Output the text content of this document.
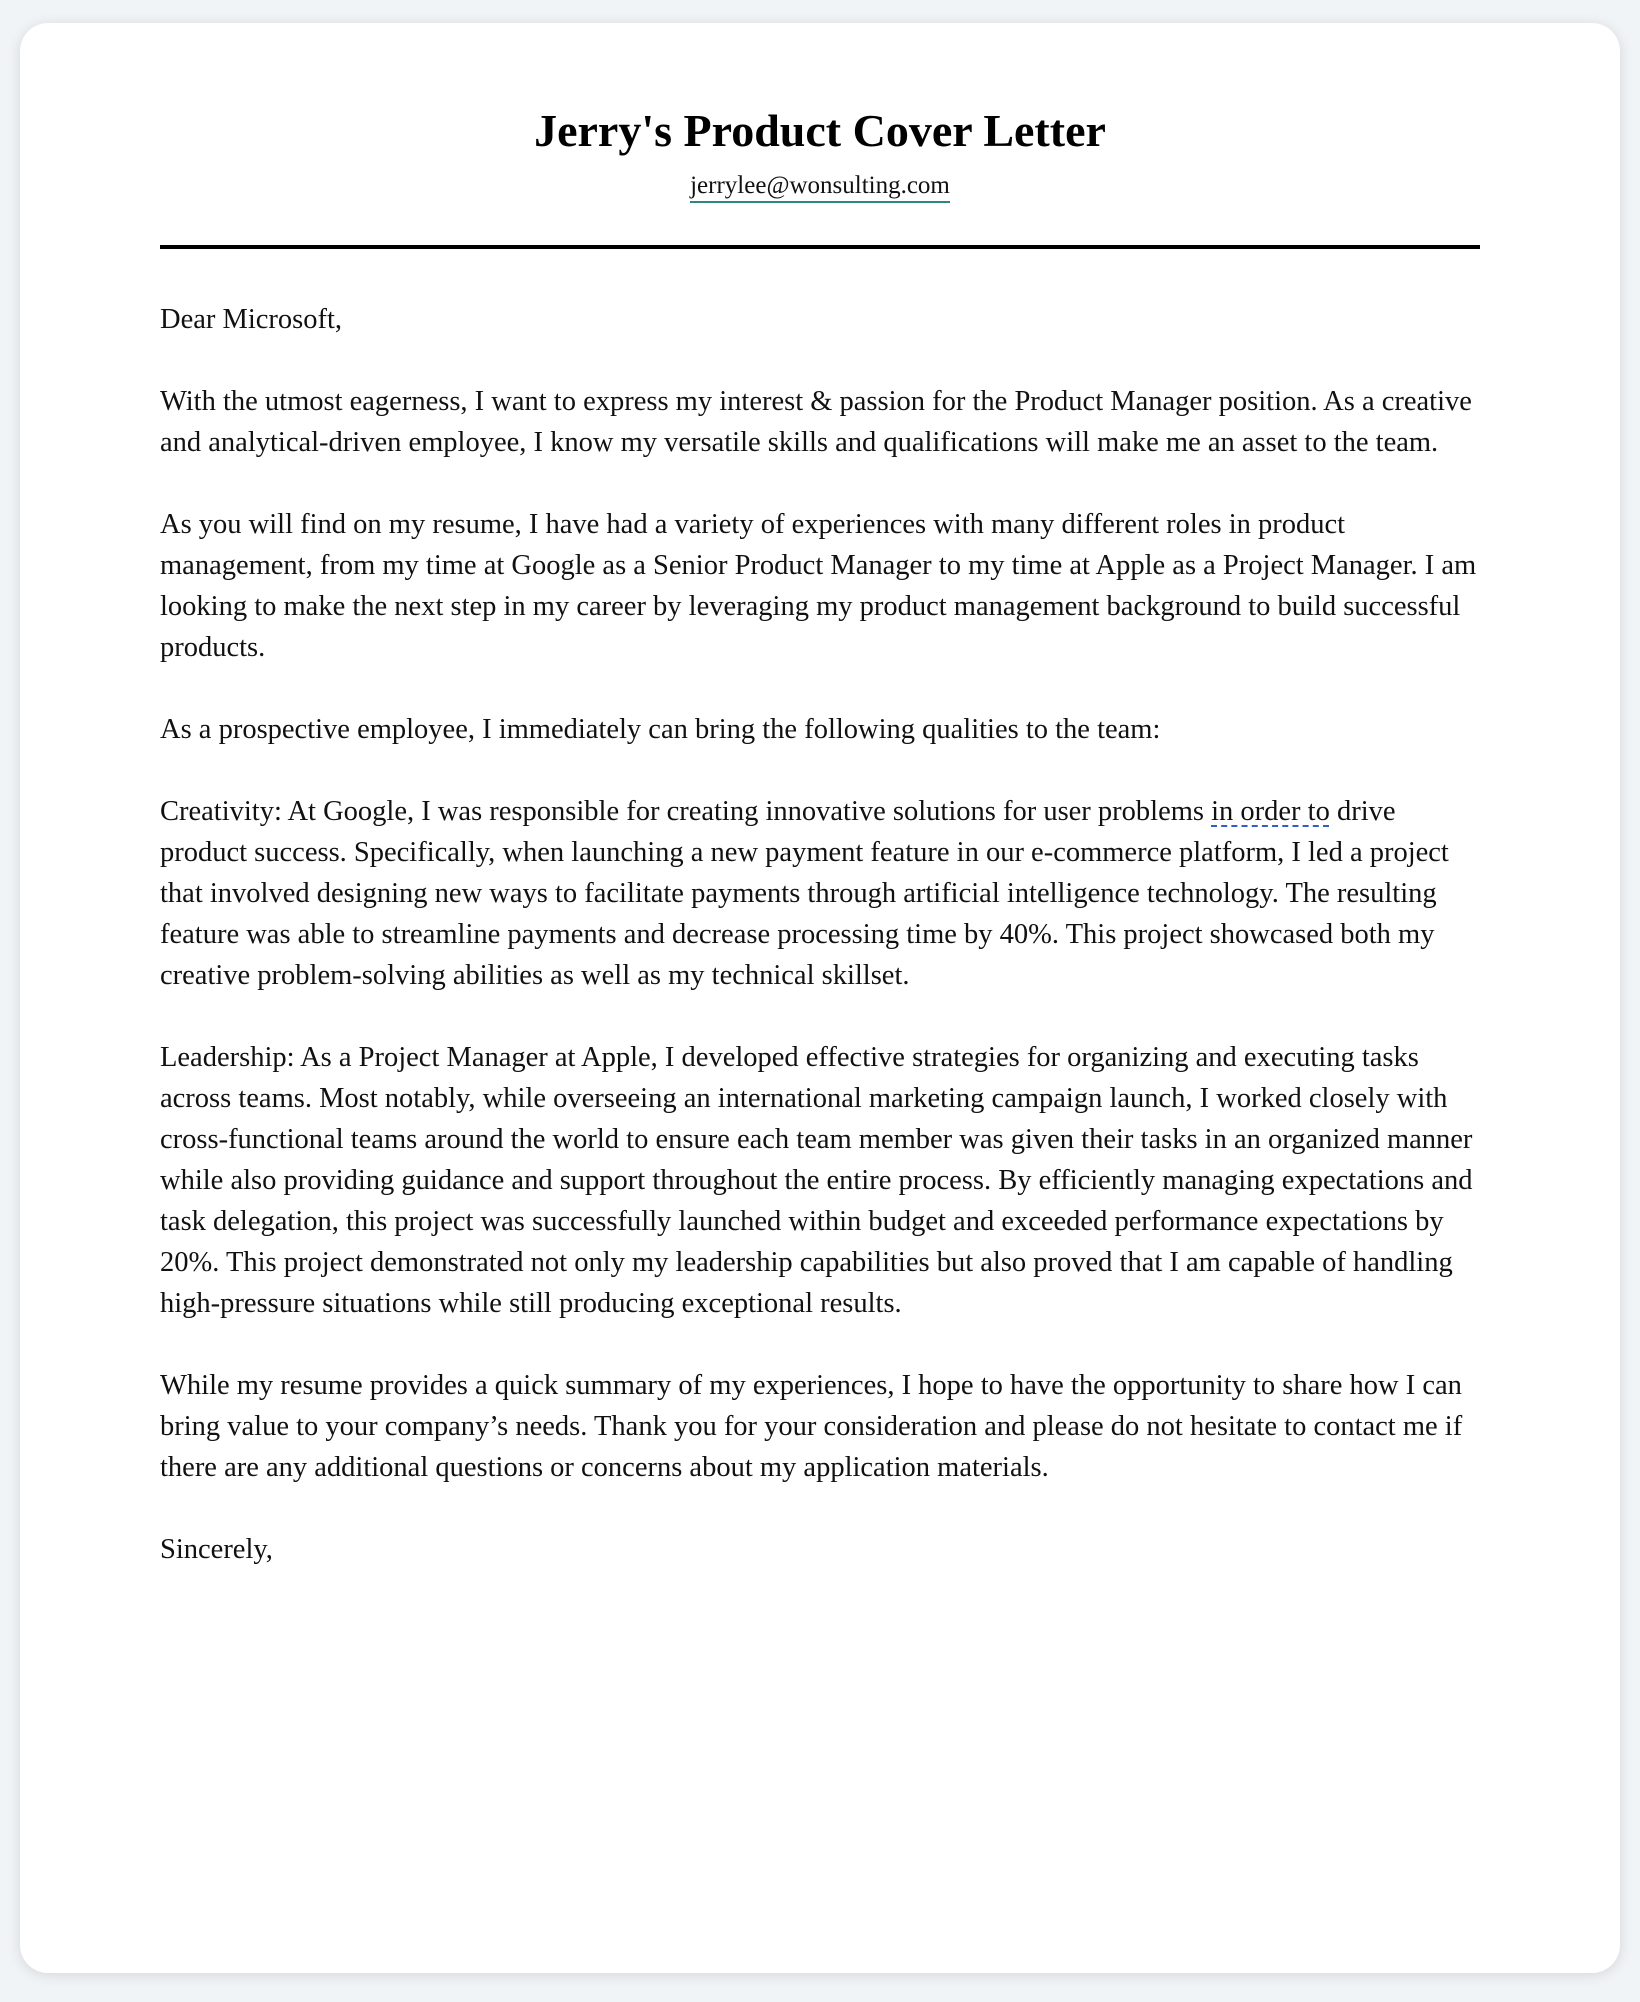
Jerry's Product Cover Letter
jerrylee@wonsulting.com

Dear Microsoft,

With the utmost eagerness, I want to express my interest & passion for the Product Manager position. As a creative and analytical-driven employee, I know my versatile skills and qualifications will make me an asset to the team.

As you will find on my resume, I have had a variety of experiences with many different roles in product management, from my time at Google as a Senior Product Manager to my time at Apple as a Project Manager. I am looking to make the next step in my career by leveraging my product management background to build successful products.

As a prospective employee, I immediately can bring the following qualities to the team:

Creativity: At Google, I was responsible for creating innovative solutions for user problems in order to drive product success. Specifically, when launching a new payment feature in our e-commerce platform, I led a project that involved designing new ways to facilitate payments through artificial intelligence technology. The resulting feature was able to streamline payments and decrease processing time by 40%. This project showcased both my creative problem-solving abilities as well as my technical skillset.

Leadership: As a Project Manager at Apple, I developed effective strategies for organizing and executing tasks across teams. Most notably, while overseeing an international marketing campaign launch, I worked closely with cross-functional teams around the world to ensure each team member was given their tasks in an organized manner while also providing guidance and support throughout the entire process. By efficiently managing expectations and task delegation, this project was successfully launched within budget and exceeded performance expectations by 20%. This project demonstrated not only my leadership capabilities but also proved that I am capable of handling high-pressure situations while still producing exceptional results.

While my resume provides a quick summary of my experiences, I hope to have the opportunity to share how I can bring value to your company’s needs. Thank you for your consideration and please do not hesitate to contact me if there are any additional questions or concerns about my application materials.

Sincerely,
